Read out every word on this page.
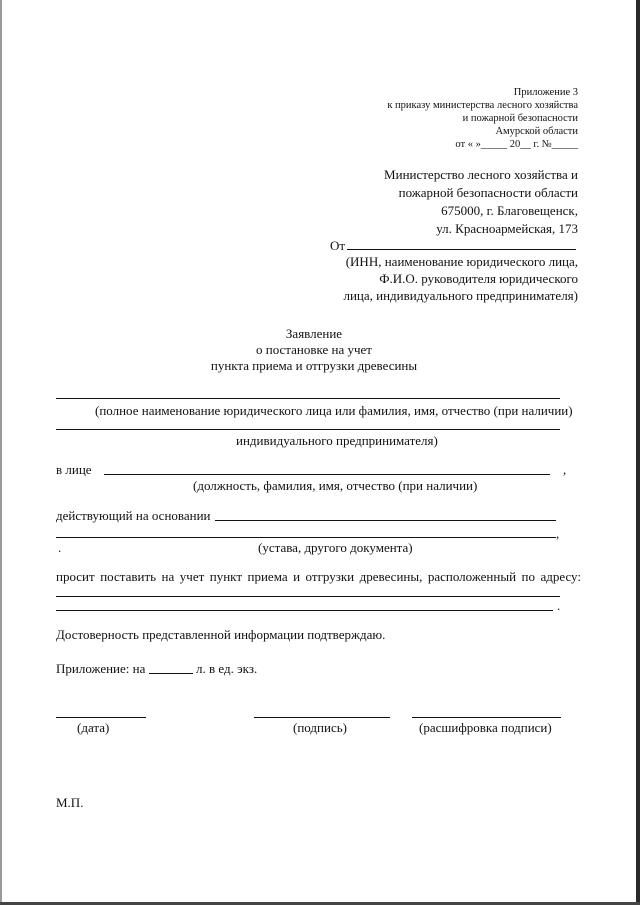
Приложение 3
к приказу министерства лесного хозяйства
и пожарной безопасности
Амурской области
от « »_____ 20__ г. №_____
Министерство лесного хозяйства и
пожарной безопасности области
675000, г. Благовещенск,
ул. Красноармейская, 173
От
(ИНН, наименование юридического лица,
Ф.И.О. руководителя юридического
лица, индивидуального предпринимателя)
Заявление
о постановке на учет
пункта приема и отгрузки древесины
(полное наименование юридического лица или фамилия, имя, отчество (при наличии)
индивидуального предпринимателя)
в лице	,
(должность, фамилия, имя, отчество (при наличии)
действующий на основании
,
.	(устава, другого документа)
просит поставить на учет пункт приема и отгрузки древесины, расположенный по адресу:
.
Достоверность представленной информации подтверждаю.
Приложение: на	л. в ед. экз.
(дата)	(подпись)	(расшифровка подписи)
М.П.
